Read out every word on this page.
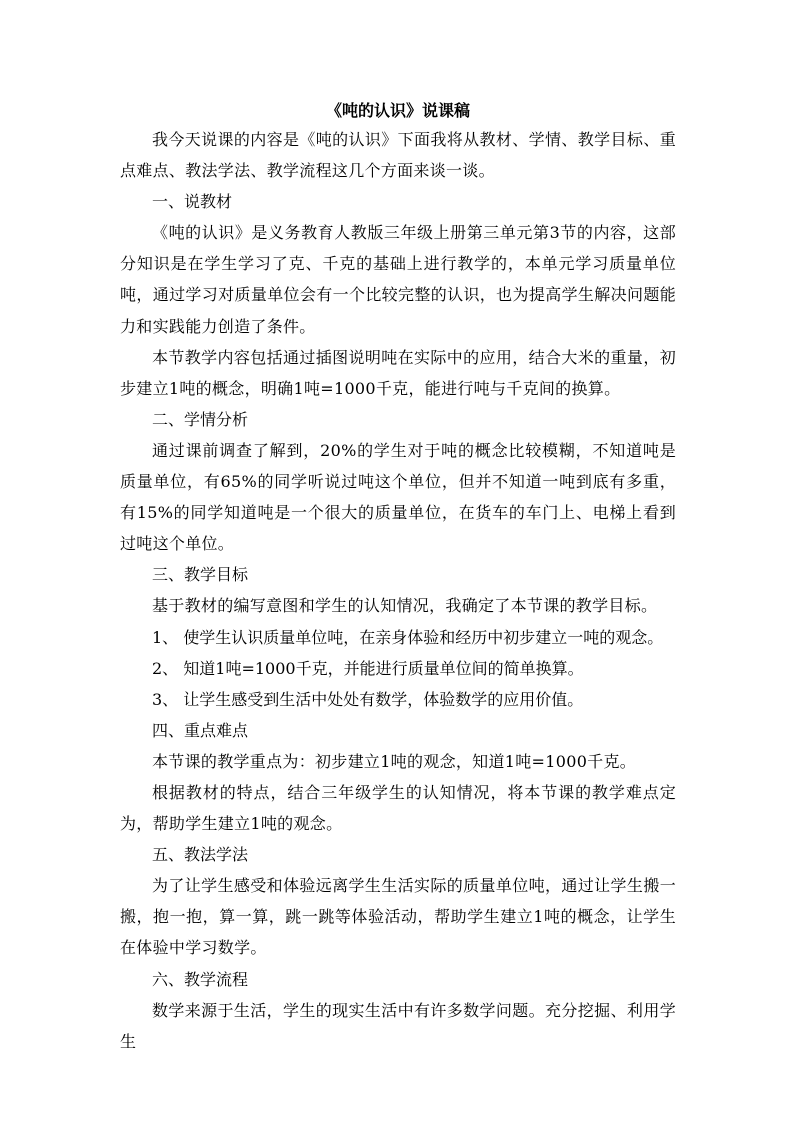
《吨的认识》说课稿

我今天说课的内容是《吨的认识》下面我将从教材、学情、教学目标、重点难点、教法学法、教学流程这几个方面来谈一谈。

一、说教材

《吨的认识》是义务教育人教版三年级上册第三单元第3节的内容，这部分知识是在学生学习了克、千克的基础上进行教学的，本单元学习质量单位吨，通过学习对质量单位会有一个比较完整的认识，也为提高学生解决问题能力和实践能力创造了条件。

本节教学内容包括通过插图说明吨在实际中的应用，结合大米的重量，初步建立1吨的概念，明确1吨=1000千克，能进行吨与千克间的换算。

二、学情分析

通过课前调查了解到，20%的学生对于吨的概念比较模糊，不知道吨是质量单位，有65%的同学听说过吨这个单位，但并不知道一吨到底有多重，有15%的同学知道吨是一个很大的质量单位，在货车的车门上、电梯上看到过吨这个单位。

三、教学目标

基于教材的编写意图和学生的认知情况，我确定了本节课的教学目标。

1、 使学生认识质量单位吨，在亲身体验和经历中初步建立一吨的观念。

2、 知道1吨=1000千克，并能进行质量单位间的简单换算。

3、 让学生感受到生活中处处有数学，体验数学的应用价值。

四、重点难点

本节课的教学重点为：初步建立1吨的观念，知道1吨=1000千克。

根据教材的特点，结合三年级学生的认知情况，将本节课的教学难点定为，帮助学生建立1吨的观念。

五、教法学法

为了让学生感受和体验远离学生生活实际的质量单位吨，通过让学生搬一搬，抱一抱，算一算，跳一跳等体验活动，帮助学生建立1吨的概念，让学生在体验中学习数学。

六、教学流程

数学来源于生活，学生的现实生活中有许多数学问题。充分挖掘、利用学生
